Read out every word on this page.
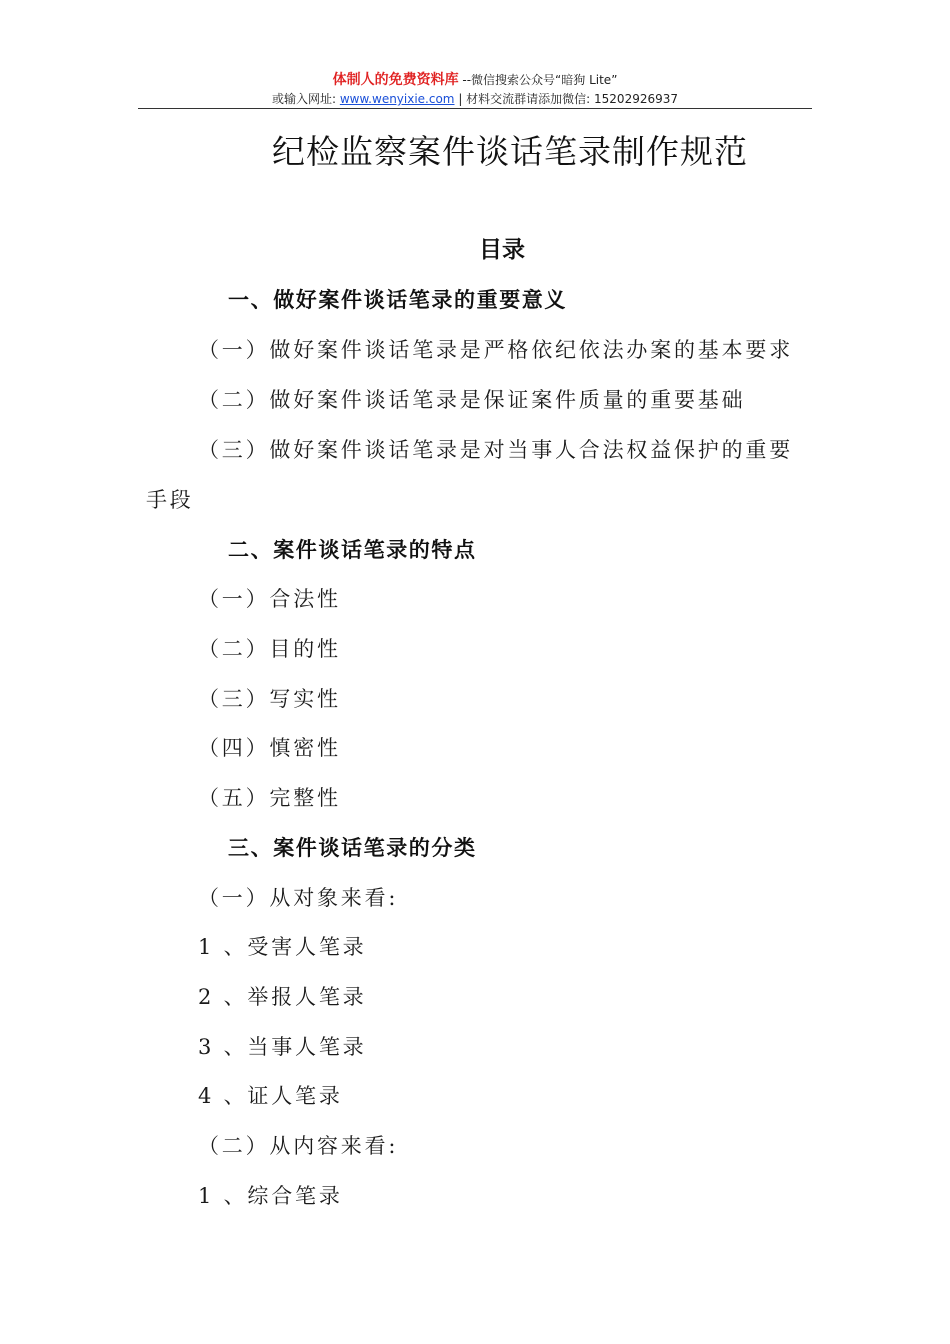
体制人的免费资料库 --微信搜索公众号“暗狗 Lite”
或输入网址: www.wenyixie.com | 材料交流群请添加微信: 15202926937
纪检监察案件谈话笔录制作规范
目录
一、做好案件谈话笔录的重要意义
（一）做好案件谈话笔录是严格依纪依法办案的基本要求
（二）做好案件谈话笔录是保证案件质量的重要基础
（三）做好案件谈话笔录是对当事人合法权益保护的重要
手段
二、案件谈话笔录的特点
（一）合法性
（二）目的性
（三）写实性
（四）慎密性
（五）完整性
三、案件谈话笔录的分类
（一）从对象来看:
1 、受害人笔录
2 、举报人笔录
3 、当事人笔录
4 、证人笔录
（二）从内容来看:
1 、综合笔录
